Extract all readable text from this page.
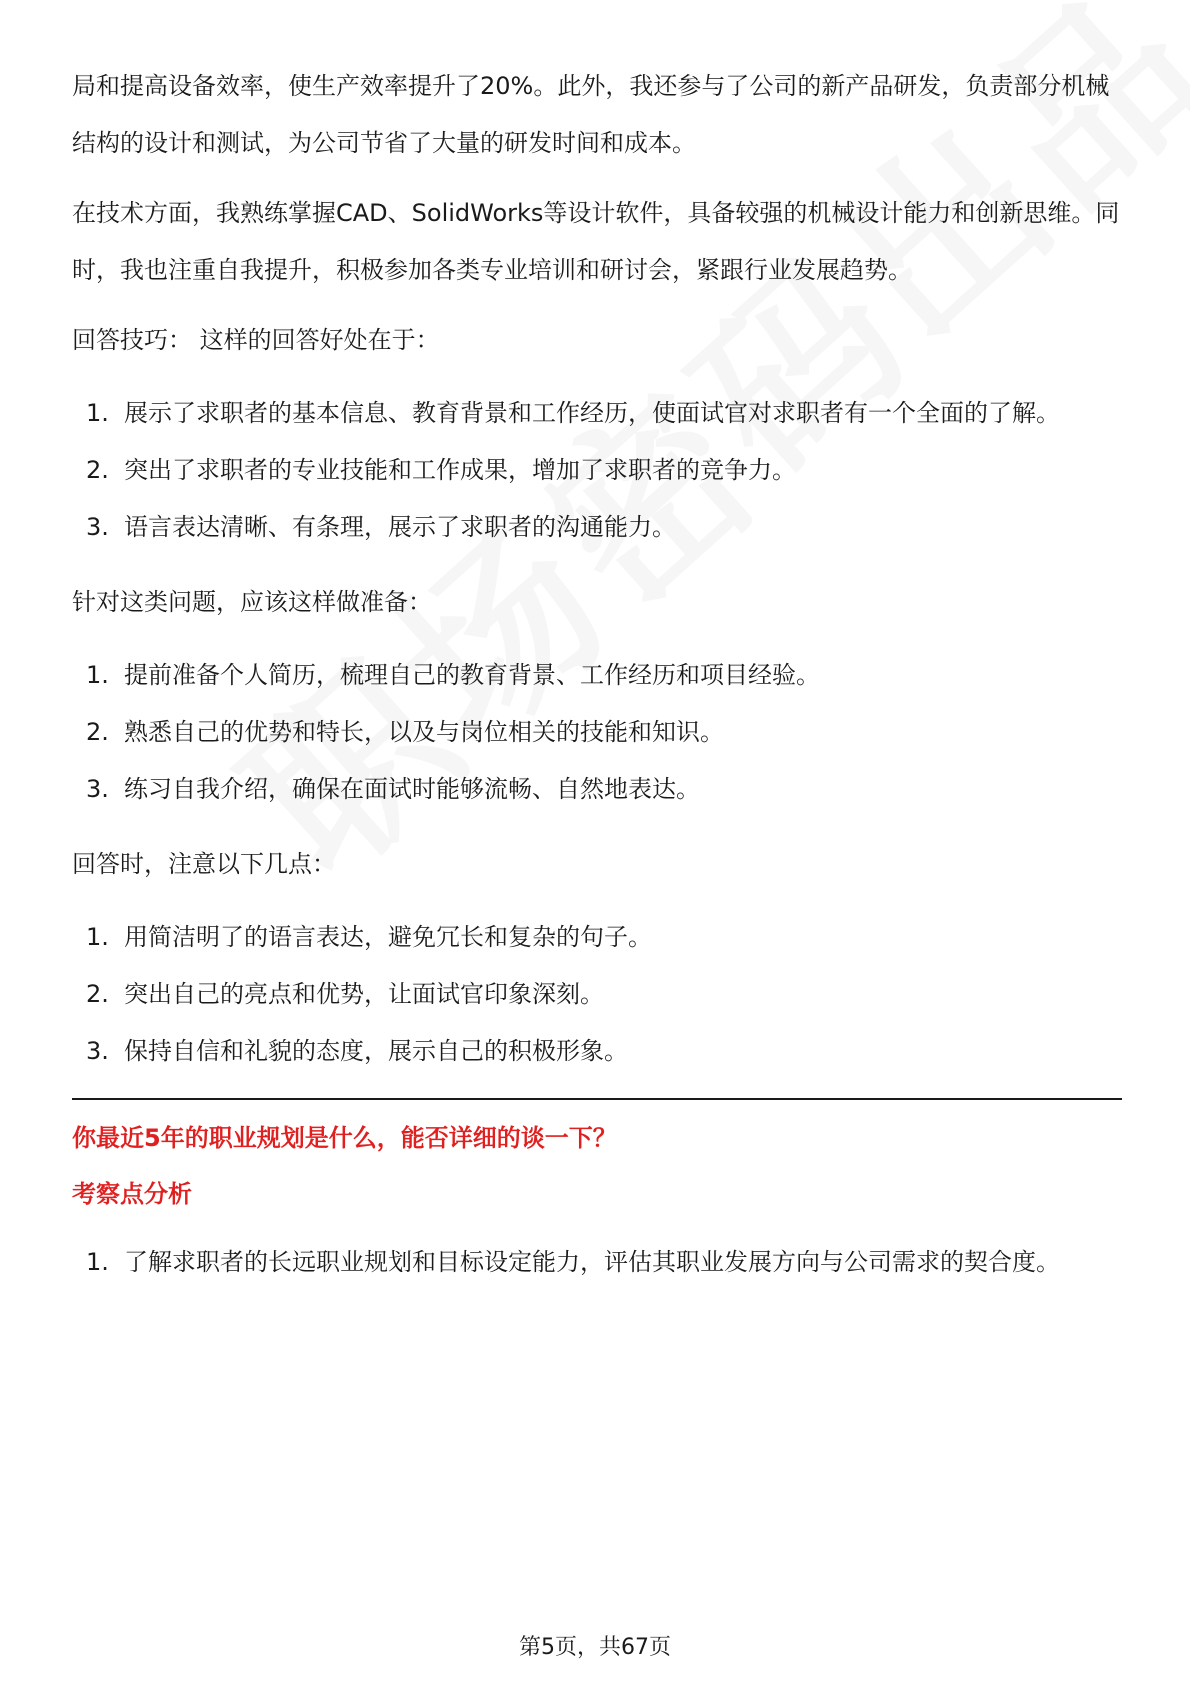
局和提高设备效率，使生产效率提升了20%。此外，我还参与了公司的新产品研发，负责部分机械结构的设计和测试，为公司节省了大量的研发时间和成本。

在技术方面，我熟练掌握CAD、SolidWorks等设计软件，具备较强的机械设计能力和创新思维。同时，我也注重自我提升，积极参加各类专业培训和研讨会，紧跟行业发展趋势。

回答技巧： 这样的回答好处在于：

1. 展示了求职者的基本信息、教育背景和工作经历，使面试官对求职者有一个全面的了解。
2. 突出了求职者的专业技能和工作成果，增加了求职者的竞争力。
3. 语言表达清晰、有条理，展示了求职者的沟通能力。

针对这类问题，应该这样做准备：

1. 提前准备个人简历，梳理自己的教育背景、工作经历和项目经验。
2. 熟悉自己的优势和特长，以及与岗位相关的技能和知识。
3. 练习自我介绍，确保在面试时能够流畅、自然地表达。

回答时，注意以下几点：

1. 用简洁明了的语言表达，避免冗长和复杂的句子。
2. 突出自己的亮点和优势，让面试官印象深刻。
3. 保持自信和礼貌的态度，展示自己的积极形象。

你最近5年的职业规划是什么，能否详细的谈一下？

考察点分析

1. 了解求职者的长远职业规划和目标设定能力，评估其职业发展方向与公司需求的契合度。
第5页，共67页
